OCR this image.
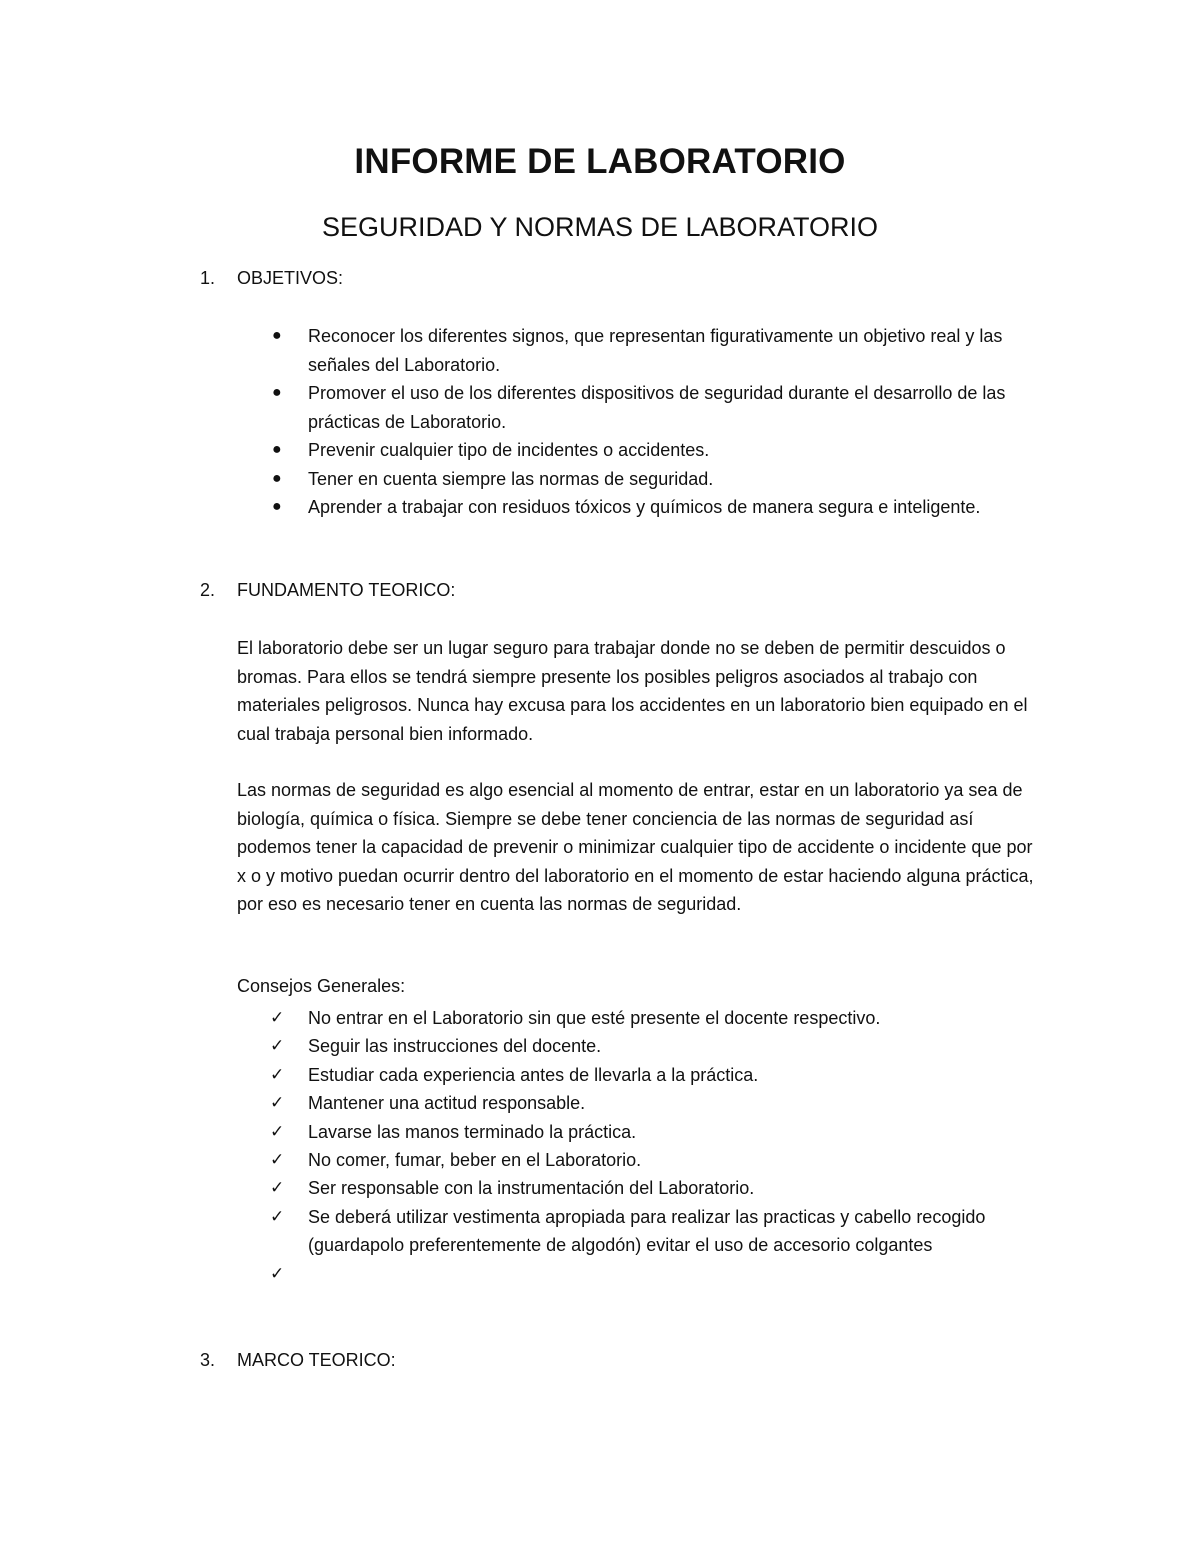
INFORME DE LABORATORIO
SEGURIDAD Y NORMAS DE LABORATORIO
1. OBJETIVOS:
● Reconocer los diferentes signos, que representan figurativamente un objetivo real y las señales del Laboratorio.
● Promover el uso de los diferentes dispositivos de seguridad durante el desarrollo de las prácticas de Laboratorio.
● Prevenir cualquier tipo de incidentes o accidentes.
● Tener en cuenta siempre las normas de seguridad.
● Aprender a trabajar con residuos tóxicos y químicos de manera segura e inteligente.
2. FUNDAMENTO TEORICO:

El laboratorio debe ser un lugar seguro para trabajar donde no se deben de permitir descuidos o bromas. Para ellos se tendrá siempre presente los posibles peligros asociados al trabajo con materiales peligrosos. Nunca hay excusa para los accidentes en un laboratorio bien equipado en el cual trabaja personal bien informado.

Las normas de seguridad es algo esencial al momento de entrar, estar en un laboratorio ya sea de biología, química o física. Siempre se debe tener conciencia de las normas de seguridad así podemos tener la capacidad de prevenir o minimizar cualquier tipo de accidente o incidente que por x o y motivo puedan ocurrir dentro del laboratorio en el momento de estar haciendo alguna práctica, por eso es necesario tener en cuenta las normas de seguridad.

Consejos Generales:
✓ No entrar en el Laboratorio sin que esté presente el docente respectivo.
✓ Seguir las instrucciones del docente.
✓ Estudiar cada experiencia antes de llevarla a la práctica.
✓ Mantener una actitud responsable.
✓ Lavarse las manos terminado la práctica.
✓ No comer, fumar, beber en el Laboratorio.
✓ Ser responsable con la instrumentación del Laboratorio.
✓ Se deberá utilizar vestimenta apropiada para realizar las practicas y cabello recogido (guardapolo preferentemente de algodón) evitar el uso de accesorio colgantes
✓
3. MARCO TEORICO:
